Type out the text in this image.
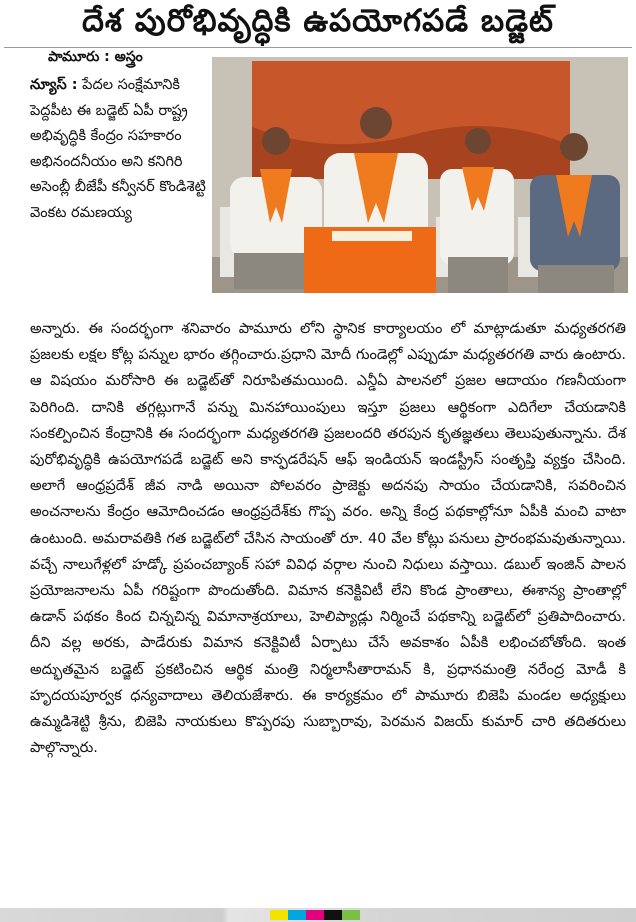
దేశ పురోభివృద్ధికి ఉపయోగపడే బడ్జెట్
పామూరు : అస్త్రం
న్యూస్ : పేదల సంక్షేమానికి పెద్దపీట ఈ బడ్జెట్ ఏపీ రాష్ట్ర అభివృద్ధికి కేంద్రం సహకారం అభినందనీయం అని కనిగిరి అసెంబ్లీ బీజేపీ కన్వీనర్ కొండిశెట్టి వెంకట రమణయ్య
అన్నారు. ఈ సందర్భంగా శనివారం పామూరు లోని స్థానిక కార్యాలయం లో మాట్లాడుతూ మధ్యతరగతి ప్రజలకు లక్షల కోట్ల పన్నుల భారం తగ్గించారు.ప్రధాని మోదీ గుండెల్లో ఎప్పుడూ మధ్యతరగతి వారు ఉంటారు. ఆ విషయం మరోసారి ఈ బడ్జెట్‌తో నిరూపితమయింది. ఎన్డీఏ పాలనలో ప్రజల ఆదాయం గణనీయంగా పెరిగింది. దానికి తగ్గట్లుగానే పన్ను మినహాయింపులు ఇస్తూ ప్రజలు ఆర్థికంగా ఎదిగేలా చేయడానికి సంకల్పించిన కేంద్రానికి ఈ సందర్భంగా మధ్యతరగతి ప్రజలందరి తరపున కృతజ్ఞతలు తెలుపుతున్నాను. దేశ పురోభివృద్ధికి ఉపయోగపడే బడ్జెట్ అని కాన్ఫడరేషన్ ఆఫ్ ఇండియన్ ఇండస్ట్రీస్ సంతృప్తి వ్యక్తం చేసింది. అలాగే ఆంధ్రప్రదేశ్ జీవ నాడి అయినా పోలవరం ప్రాజెక్టు అదనపు సాయం చేయడానికి, సవరించిన అంచనాలను కేంద్రం ఆమోదించడం ఆంధ్రప్రదేశ్‌కు గొప్ప వరం. అన్ని కేంద్ర పథకాల్లోనూ ఏపీకి మంచి వాటా ఉంటుంది. అమరావతికి గత బడ్జెట్‌లో చేసిన సాయంతో రూ. 40 వేల కోట్లు పనులు ప్రారంభమవుతున్నాయి. వచ్చే నాలుగేళ్లలో హడ్కో ప్రపంచబ్యాంక్ సహా వివిధ వర్గాల నుంచి నిధులు వస్తాయి. డబుల్ ఇంజిన్ పాలన ప్రయోజనాలను ఏపీ గరిష్టంగా పొందుతోంది. విమాన కనెక్టివిటీ లేని కొండ ప్రాంతాలు, ఈశాన్య ప్రాంతాల్లో ఉడాన్ పథకం కింద చిన్నచిన్న విమానాశ్రయాలు, హెలిప్యాడ్లు నిర్మించే పథకాన్ని బడ్జెట్‌లో ప్రతిపాదించారు. దీని వల్ల అరకు, పాడేరుకు విమాన కనెక్టివిటీ ఏర్పాటు చేసే అవకాశం ఏపీకి లభించబోతోంది. ఇంత అద్భుతమైన బడ్జెట్ ప్రకటించిన ఆర్థిక మంత్రి నిర్మలాసీతారామన్ కి, ప్రధానమంత్రి నరేంద్ర మోడీ కి హృదయపూర్వక ధన్యవాదాలు తెలియజేశారు. ఈ కార్యక్రమం లో పామూరు బిజెపి మండల అధ్యక్షులు ఉమ్మడిశెట్టి శ్రీను, బిజెపి నాయకులు కొప్పరపు సుబ్బారావు, పెరమన విజయ్ కుమార్ చారి తదితరులు పాల్గొన్నారు.
